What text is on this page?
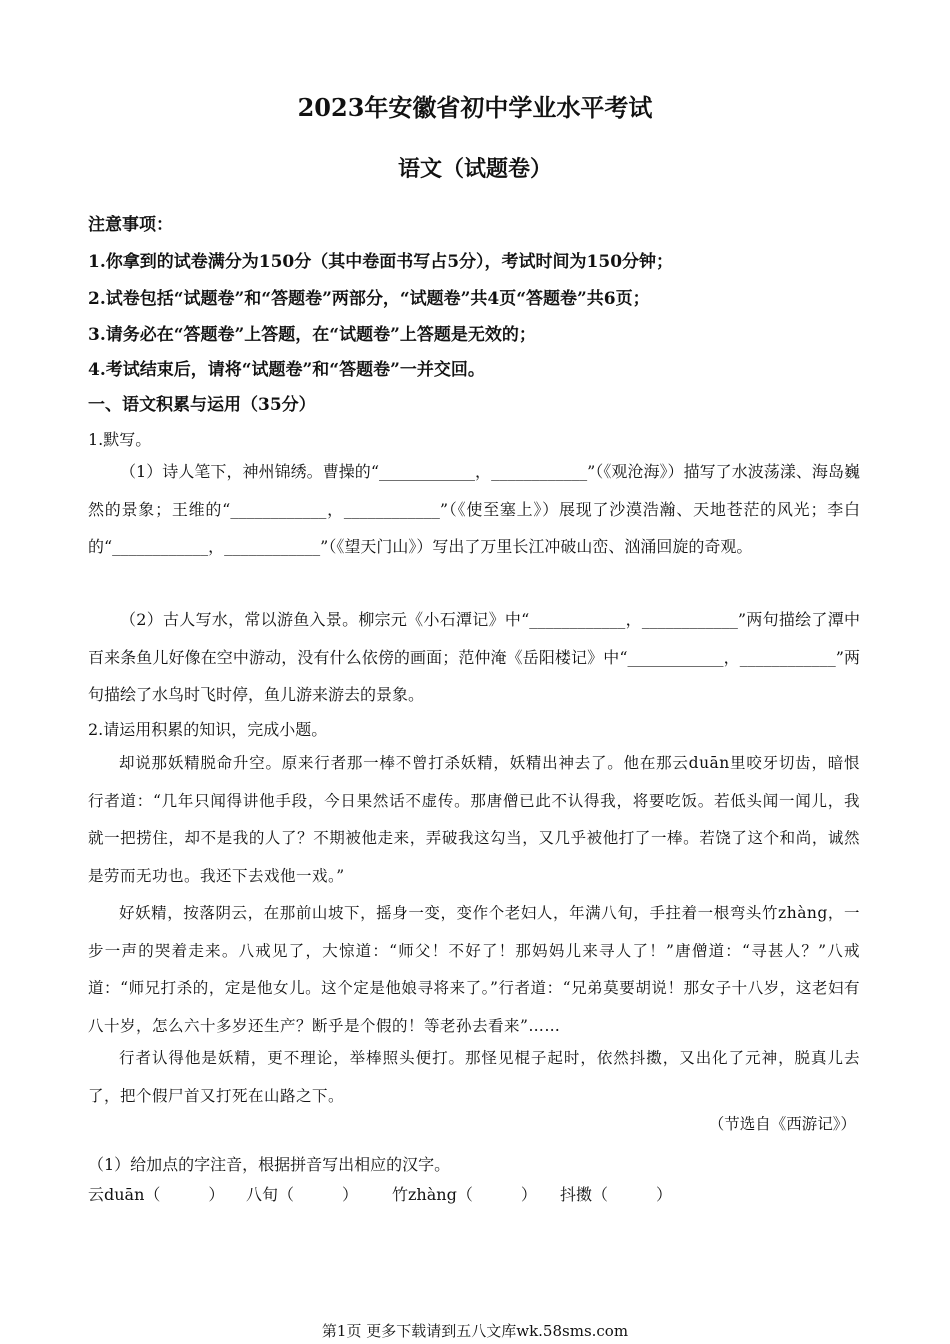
2023年安徽省初中学业水平考试
语文（试题卷）
注意事项：
1.你拿到的试卷满分为150分（其中卷面书写占5分），考试时间为150分钟；
2.试卷包括“试题卷”和“答题卷”两部分，“试题卷”共4页“答题卷”共6页；
3.请务必在“答题卷”上答题，在“试题卷”上答题是无效的；
4.考试结束后，请将“试题卷”和“答题卷”一并交回。
一、语文积累与运用（35分）
1.默写。
（1）诗人笔下，神州锦绣。曹操的“____________，____________”（《观沧海》）描写了水波荡漾、海岛巍然的景象；王维的“____________，____________”（《使至塞上》）展现了沙漠浩瀚、天地苍茫的风光；李白的“____________，____________”（《望天门山》）写出了万里长江冲破山峦、汹涌回旋的奇观。
（2）古人写水，常以游鱼入景。柳宗元《小石潭记》中“____________，____________”两句描绘了潭中百来条鱼儿好像在空中游动，没有什么依傍的画面；范仲淹《岳阳楼记》中“____________，____________”两句描绘了水鸟时飞时停，鱼儿游来游去的景象。
2.请运用积累的知识，完成小题。
却说那妖精脱命升空。原来行者那一棒不曾打杀妖精，妖精出神去了。他在那云duān里咬牙切齿，暗恨行者道：“几年只闻得讲他手段，今日果然话不虚传。那唐僧已此不认得我，将要吃饭。若低头闻一闻儿，我就一把捞住，却不是我的人了？不期被他走来，弄破我这勾当，又几乎被他打了一棒。若饶了这个和尚，诚然是劳而无功也。我还下去戏他一戏。”
好妖精，按落阴云，在那前山坡下，摇身一变，变作个老妇人，年满八旬，手拄着一根弯头竹zhàng，一步一声的哭着走来。八戒见了，大惊道：“师父！不好了！那妈妈儿来寻人了！”唐僧道：“寻甚人？”八戒道：“师兄打杀的，定是他女儿。这个定是他娘寻将来了。”行者道：“兄弟莫要胡说！那女子十八岁，这老妇有八十岁，怎么六十多岁还生产？断乎是个假的！等老孙去看来”……
行者认得他是妖精，更不理论，举棒照头便打。那怪见棍子起时，依然抖擞，又出化了元神，脱真儿去了，把个假尸首又打死在山路之下。
（节选自《西游记》）
（1）给加点的字注音，根据拼音写出相应的汉字。
云duān（　　　） 八旬（　　　） 竹zhàng（　　　） 抖擞（　　　）
第1页 更多下载请到五八文库wk.58sms.com
